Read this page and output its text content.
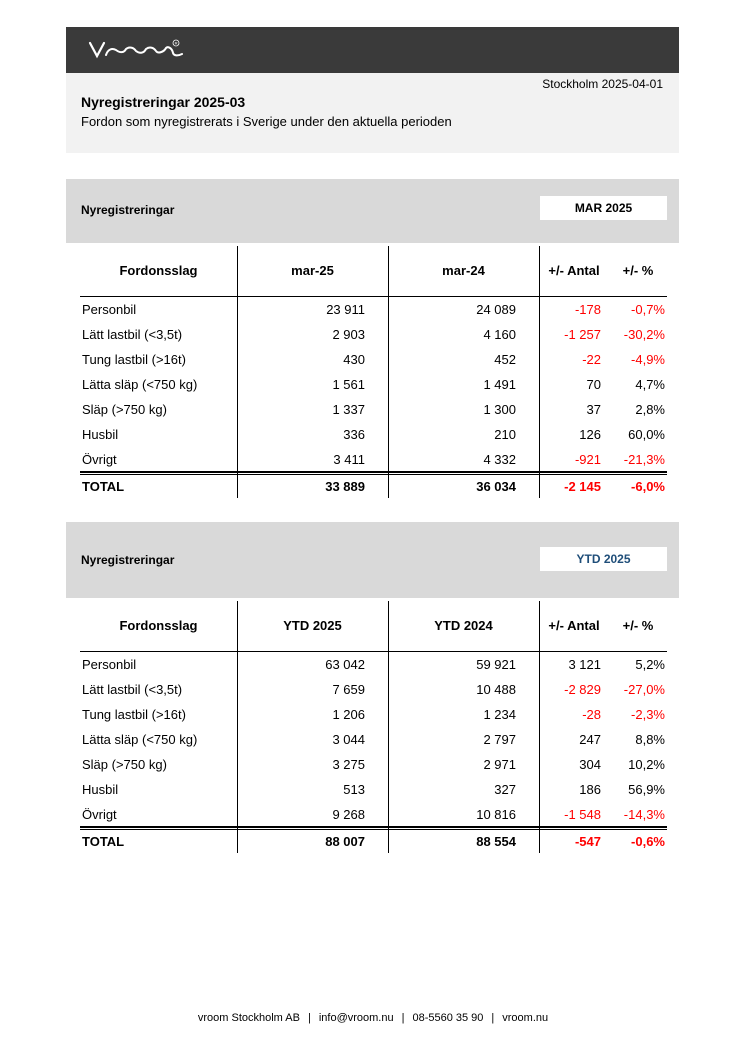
R
Stockholm 2025-04-01
Nyregistreringar 2025-03
Fordon som nyregistrerats i Sverige under den aktuella perioden
Nyregistreringar	MAR 2025
Fordonsslag	mar-25	mar-24	+/- Antal	+/- %
Personbil	23 911	24 089	-178 -0,7%
Lätt lastbil (<3,5t)	2 903	4 160	-1 257 -30,2%
Tung lastbil (>16t)	430	452	-22 -4,9%
Lätta släp (<750 kg)	1 561	1 491	70	4,7%
Släp (>750 kg)	1 337	1 300	37	2,8%
Husbil	336	210	126 60,0%
Övrigt	3 411	4 332	-921 -21,3%
TOTAL	33 889	36 034	-2 145 -6,0%
Nyregistreringar	YTD 2025
Fordonsslag	YTD 2025	YTD 2024	+/- Antal	+/- %
Personbil	63 042	59 921	3 121	5,2%
Lätt lastbil (<3,5t)	7 659	10 488	-2 829 -27,0%
Tung lastbil (>16t)	1 206	1 234	-28 -2,3%
Lätta släp (<750 kg)	3 044	2 797	247	8,8%
Släp (>750 kg)	3 275	2 971	304 10,2%
Husbil	513	327	186 56,9%
Övrigt	9 268	10 816	-1 548 -14,3%
TOTAL	88 007	88 554	-547 -0,6%
vroom Stockholm AB | info@vroom.nu | 08-5560 35 90 | vroom.nu
